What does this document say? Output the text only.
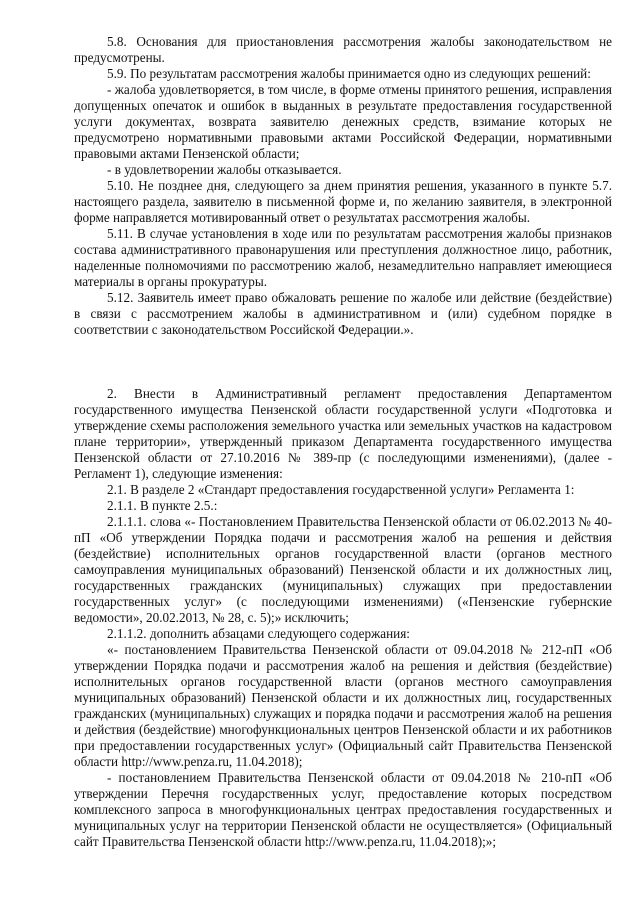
5.8. Основания для приостановления рассмотрения жалобы законодательством не предусмотрены.

5.9. По результатам рассмотрения жалобы принимается одно из следующих решений:

- жалоба удовлетворяется, в том числе, в форме отмены принятого решения, исправления допущенных опечаток и ошибок в выданных в результате предоставления государственной услуги документах, возврата заявителю денежных средств, взимание которых не предусмотрено нормативными правовыми актами Российской Федерации, нормативными правовыми актами Пензенской области;

- в удовлетворении жалобы отказывается.

5.10. Не позднее дня, следующего за днем принятия решения, указанного в пункте 5.7. настоящего раздела, заявителю в письменной форме и, по желанию заявителя, в электронной форме направляется мотивированный ответ о результатах рассмотрения жалобы.

5.11. В случае установления в ходе или по результатам рассмотрения жалобы признаков состава административного правонарушения или преступления должностное лицо, работник, наделенные полномочиями по рассмотрению жалоб, незамедлительно направляет имеющиеся материалы в органы прокуратуры.

5.12. Заявитель имеет право обжаловать решение по жалобе или действие (бездействие) в связи с рассмотрением жалобы в административном и (или) судебном порядке в соответствии с законодательством Российской Федерации.».

2. Внести в Административный регламент предоставления Департаментом государственного имущества Пензенской области государственной услуги «Подготовка и утверждение схемы расположения земельного участка или земельных участков на кадастровом плане территории», утвержденный приказом Департамента государственного имущества Пензенской области от 27.10.2016 № 389-пр (с последующими изменениями), (далее - Регламент 1), следующие изменения:

2.1. В разделе 2 «Стандарт предоставления государственной услуги» Регламента 1:

2.1.1. В пункте 2.5.:

2.1.1.1. слова «- Постановлением Правительства Пензенской области от 06.02.2013 № 40-пП «Об утверждении Порядка подачи и рассмотрения жалоб на решения и действия (бездействие) исполнительных органов государственной власти (органов местного самоуправления муниципальных образований) Пензенской области и их должностных лиц, государственных гражданских (муниципальных) служащих при предоставлении государственных услуг» (с последующими изменениями) («Пензенские губернские ведомости», 20.02.2013, № 28, с. 5);» исключить;

2.1.1.2. дополнить абзацами следующего содержания:

«- постановлением Правительства Пензенской области от 09.04.2018 № 212-пП «Об утверждении Порядка подачи и рассмотрения жалоб на решения и действия (бездействие) исполнительных органов государственной власти (органов местного самоуправления муниципальных образований) Пензенской области и их должностных лиц, государственных гражданских (муниципальных) служащих и порядка подачи и рассмотрения жалоб на решения и действия (бездействие) многофункциональных центров Пензенской области и их работников при предоставлении государственных услуг» (Официальный сайт Правительства Пензенской области http://www.penza.ru, 11.04.2018);

- постановлением Правительства Пензенской области от 09.04.2018 № 210-пП «Об утверждении Перечня государственных услуг, предоставление которых посредством комплексного запроса в многофункциональных центрах предоставления государственных и муниципальных услуг на территории Пензенской области не осуществляется» (Официальный сайт Правительства Пензенской области http://www.penza.ru, 11.04.2018);»;
